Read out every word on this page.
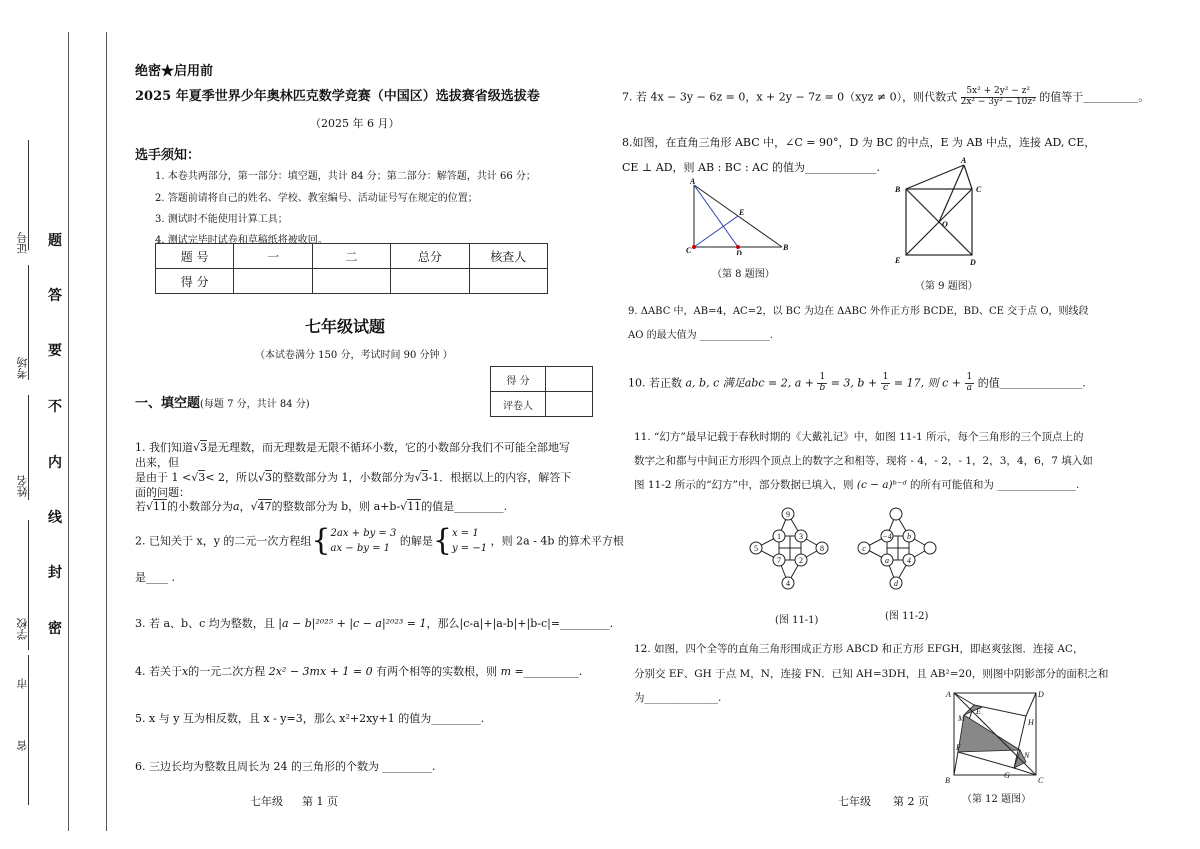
证号
考场
姓名
学校
市
省
密
封
线
内
不
要
答
题
绝密★启用前
2025 年夏季世界少年奥林匹克数学竞赛（中国区）选拔赛省级选拔卷
（2025 年 6 月）
选手须知：
1. 本卷共两部分，第一部分：填空题，共计 84 分；第二部分：解答题，共计 66 分；
2. 答题前请将自己的姓名、学校、教室编号、活动证号写在规定的位置；
3. 测试时不能使用计算工具；
4. 测试完毕时试卷和草稿纸将被收回。
题 号	一	二	总分	核查人
得 分				
七年级试题
（本试卷满分 150 分，考试时间 90 分钟 ）
得 分	
评卷人	
一、填空题(每题 7 分，共计 84 分)
1. 我们知道√3是无理数，而无理数是无限不循环小数，它的小数部分我们不可能全部地写出来，但
是由于 1 <√3< 2，所以√3的整数部分为 1，小数部分为√3-1．根据以上的内容，解答下面的问题：
若√11的小数部分为a，√47的整数部分为 b，则 a+b-√11的值是_________.
2. 已知关于 x，y 的二元一次方程组{2ax + by = 3
ax − by = 1 的解是{x = 1
y = −1 ，则 2a - 4b 的算术平方根
是____ .
3. 若 a、b、c 均为整数，且 |a − b|²⁰²⁵ + |c − a|²⁰²³ = 1，那么|c-a|+|a-b|+|b-c|=_________.
4. 若关于x的一元二次方程 2x² − 3mx + 1 = 0 有两个相等的实数根，则 m =__________.
5. x 与 y 互为相反数，且 x - y=3，那么 x²+2xy+1 的值为_________.
6. 三边长均为整数且周长为 24 的三角形的个数为 _________.
七年级 第 1 页
7. 若 4x − 3y − 6z = 0，x + 2y − 7z = 0（xyz ≠ 0），则代数式 $\frac{\text{5x² + 2y² − z²}}{\text{2x² − 3y² − 10z²}}$ 的值等于__________。
8.如图，在直角三角形 ABC 中，∠C = 90°，D 为 BC 的中点，E 为 AB 中点，连接 AD, CE，
CE ⊥ AD，则 AB : BC : AC 的值为_____________.
A
C	D
B
E
（第 8 题图）
A
B	C
O
E	D
（第 9 题图）
9. ΔABC 中，AB=4，AC=2，以 BC 为边在 ΔABC 外作正方形 BCDE，BD、CE 交于点 O，则线段
AO 的最大值为 ______________.
10. 若正数 a, b, c 满足abc = 2, $a + \frac{1}{b} = 3$, $b + \frac{1}{c} = 17$, 则 $c + \frac{1}{a}$ 的值_______________.
11. “幻方”最早记载于春秋时期的《大戴礼记》中，如图 11-1 所示，每个三角形的三个顶点上的
数字之和都与中间正方形四个顶点上的数字之和相等，现将 - 4，- 2，- 1，2，3，4，6，7 填入如
图 11-2 所示的“幻方”中，部分数据已填入，则 (c − a)ᵇ⁻ᵈ 的所有可能值和为 _______________.
9
1 3
5	8
7 2
4
−4 b
c
a 4
d
(图 11-1)	(图 11-2)
12. 如图，四个全等的直角三角形围成正方形 ABCD 和正方形 EFGH，即赵爽弦图．连接 AC，
分别交 EF、GH 于点 M，N，连接 FN．已知 AH=3DH，且 AB²=20，则图中阴影部分的面积之和
为______________.	A	D
B	C
E
H
F
G
M
N
（第 12 题图）
七年级 第 2 页
